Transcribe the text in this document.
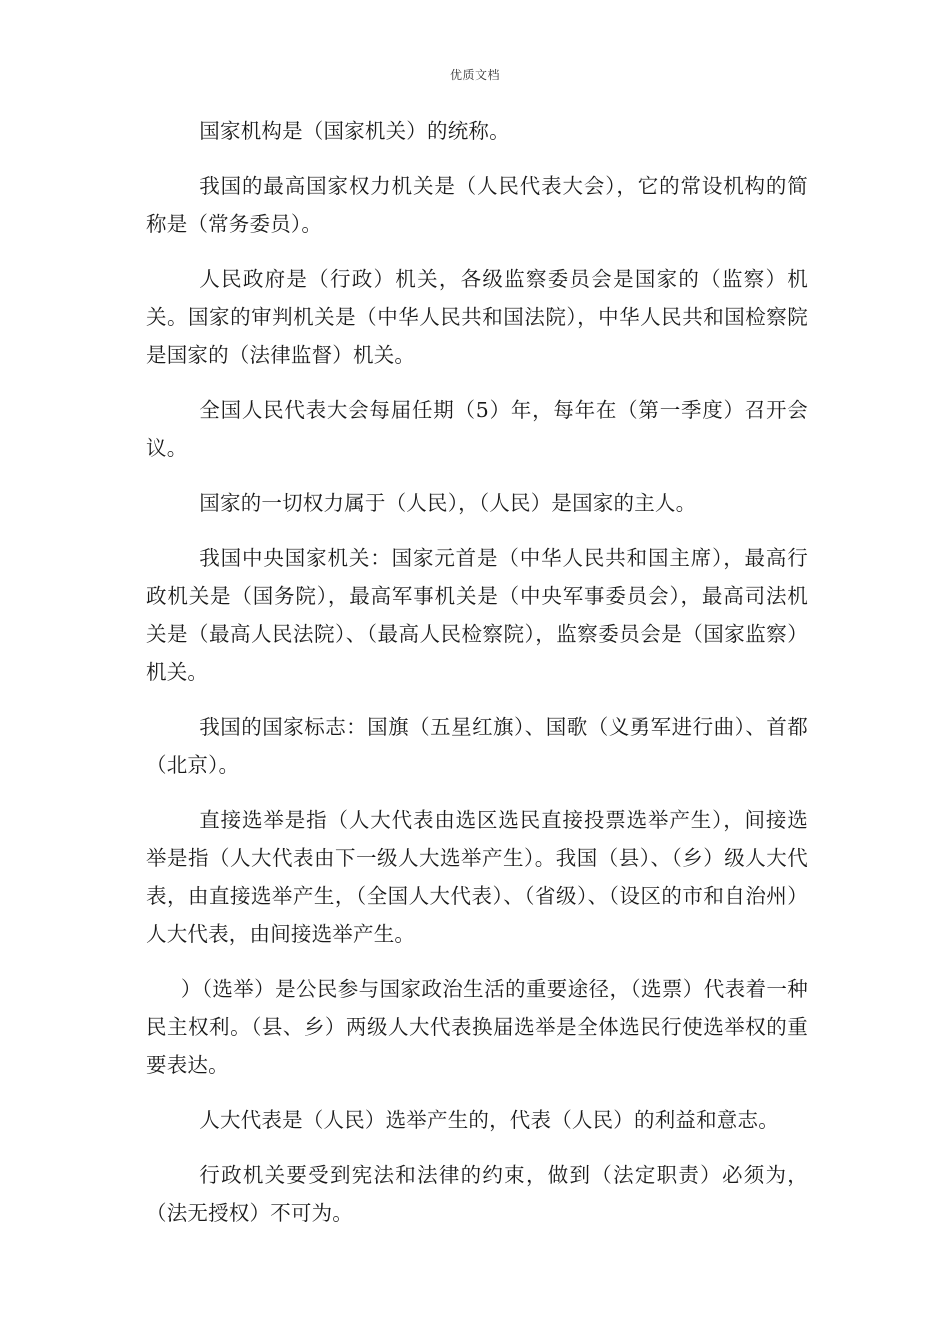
优质文档

国家机构是（国家机关）的统称。

我国的最高国家权力机关是（人民代表大会），它的常设机构的简称是（常务委员）。

人民政府是（行政）机关，各级监察委员会是国家的（监察）机关。国家的审判机关是（中华人民共和国法院），中华人民共和国检察院是国家的（法律监督）机关。

全国人民代表大会每届任期（5）年，每年在（第一季度）召开会议。

国家的一切权力属于（人民），（人民）是国家的主人。

我国中央国家机关：国家元首是（中华人民共和国主席），最高行政机关是（国务院），最高军事机关是（中央军事委员会），最高司法机关是（最高人民法院）、（最高人民检察院），监察委员会是（国家监察）机关。

我国的国家标志：国旗（五星红旗）、国歌（义勇军进行曲）、首都（北京）。

直接选举是指（人大代表由选区选民直接投票选举产生），间接选举是指（人大代表由下一级人大选举产生）。我国（县）、（乡）级人大代表，由直接选举产生，（全国人大代表）、（省级）、（设区的市和自治州）人大代表，由间接选举产生。

）（选举）是公民参与国家政治生活的重要途径，（选票）代表着一种民主权利。（县、乡）两级人大代表换届选举是全体选民行使选举权的重要表达。

人大代表是（人民）选举产生的，代表（人民）的利益和意志。

行政机关要受到宪法和法律的约束，做到（法定职责）必须为，（法无授权）不可为。
